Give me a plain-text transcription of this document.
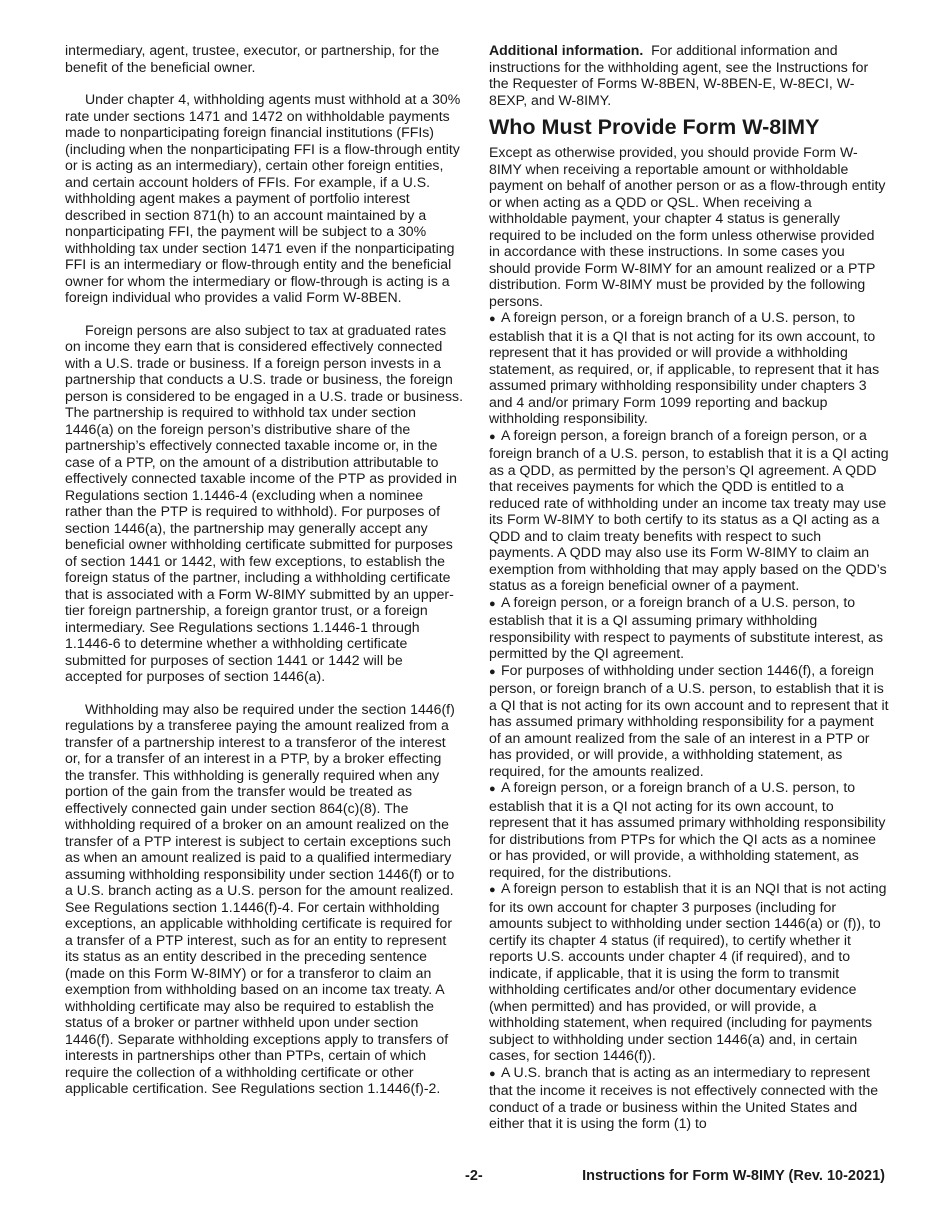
intermediary, agent, trustee, executor, or partnership, for the benefit of the beneficial owner.

Under chapter 4, withholding agents must withhold at a 30% rate under sections 1471 and 1472 on withholdable payments made to nonparticipating foreign financial institutions (FFIs) (including when the nonparticipating FFI is a flow-through entity or is acting as an intermediary), certain other foreign entities, and certain account holders of FFIs. For example, if a U.S. withholding agent makes a payment of portfolio interest described in section 871(h) to an account maintained by a nonparticipating FFI, the payment will be subject to a 30% withholding tax under section 1471 even if the nonparticipating FFI is an intermediary or flow-through entity and the beneficial owner for whom the intermediary or flow-through is acting is a foreign individual who provides a valid Form W-8BEN.

Foreign persons are also subject to tax at graduated rates on income they earn that is considered effectively connected with a U.S. trade or business. If a foreign person invests in a partnership that conducts a U.S. trade or business, the foreign person is considered to be engaged in a U.S. trade or business. The partnership is required to withhold tax under section 1446(a) on the foreign person’s distributive share of the partnership’s effectively connected taxable income or, in the case of a PTP, on the amount of a distribution attributable to effectively connected taxable income of the PTP as provided in Regulations section 1.1446-4 (excluding when a nominee rather than the PTP is required to withhold). For purposes of section 1446(a), the partnership may generally accept any beneficial owner withholding certificate submitted for purposes of section 1441 or 1442, with few exceptions, to establish the foreign status of the partner, including a withholding certificate that is associated with a Form W-8IMY submitted by an upper-tier foreign partnership, a foreign grantor trust, or a foreign intermediary. See Regulations sections 1.1446-1 through 1.1446-6 to determine whether a withholding certificate submitted for purposes of section 1441 or 1442 will be accepted for purposes of section 1446(a).

Withholding may also be required under the section 1446(f) regulations by a transferee paying the amount realized from a transfer of a partnership interest to a transferor of the interest or, for a transfer of an interest in a PTP, by a broker effecting the transfer. This withholding is generally required when any portion of the gain from the transfer would be treated as effectively connected gain under section 864(c)(8). The withholding required of a broker on an amount realized on the transfer of a PTP interest is subject to certain exceptions such as when an amount realized is paid to a qualified intermediary assuming withholding responsibility under section 1446(f) or to a U.S. branch acting as a U.S. person for the amount realized. See Regulations section 1.1446(f)-4. For certain withholding exceptions, an applicable withholding certificate is required for a transfer of a PTP interest, such as for an entity to represent its status as an entity described in the preceding sentence (made on this Form W-8IMY) or for a transferor to claim an exemption from withholding based on an income tax treaty. A withholding certificate may also be required to establish the status of a broker or partner withheld upon under section 1446(f). Separate withholding exceptions apply to transfers of interests in partnerships other than PTPs, certain of which require the collection of a withholding certificate or other applicable certification. See Regulations section 1.1446(f)-2.

Additional information. For additional information and instructions for the withholding agent, see the Instructions for the Requester of Forms W-8BEN, W-8BEN-E, W-8ECI, W-8EXP, and W-8IMY.

Who Must Provide Form W-8IMY

Except as otherwise provided, you should provide Form W-8IMY when receiving a reportable amount or withholdable payment on behalf of another person or as a flow-through entity or when acting as a QDD or QSL. When receiving a withholdable payment, your chapter 4 status is generally required to be included on the form unless otherwise provided in accordance with these instructions. In some cases you should provide Form W-8IMY for an amount realized or a PTP distribution. Form W-8IMY must be provided by the following persons.

● A foreign person, or a foreign branch of a U.S. person, to establish that it is a QI that is not acting for its own account, to represent that it has provided or will provide a withholding statement, as required, or, if applicable, to represent that it has assumed primary withholding responsibility under chapters 3 and 4 and/or primary Form 1099 reporting and backup withholding responsibility.
● A foreign person, a foreign branch of a foreign person, or a foreign branch of a U.S. person, to establish that it is a QI acting as a QDD, as permitted by the person’s QI agreement. A QDD that receives payments for which the QDD is entitled to a reduced rate of withholding under an income tax treaty may use its Form W-8IMY to both certify to its status as a QI acting as a QDD and to claim treaty benefits with respect to such payments. A QDD may also use its Form W-8IMY to claim an exemption from withholding that may apply based on the QDD’s status as a foreign beneficial owner of a payment.
● A foreign person, or a foreign branch of a U.S. person, to establish that it is a QI assuming primary withholding responsibility with respect to payments of substitute interest, as permitted by the QI agreement.
● For purposes of withholding under section 1446(f), a foreign person, or foreign branch of a U.S. person, to establish that it is a QI that is not acting for its own account and to represent that it has assumed primary withholding responsibility for a payment of an amount realized from the sale of an interest in a PTP or has provided, or will provide, a withholding statement, as required, for the amounts realized.
● A foreign person, or a foreign branch of a U.S. person, to establish that it is a QI not acting for its own account, to represent that it has assumed primary withholding responsibility for distributions from PTPs for which the QI acts as a nominee or has provided, or will provide, a withholding statement, as required, for the distributions.
● A foreign person to establish that it is an NQI that is not acting for its own account for chapter 3 purposes (including for amounts subject to withholding under section 1446(a) or (f)), to certify its chapter 4 status (if required), to certify whether it reports U.S. accounts under chapter 4 (if required), and to indicate, if applicable, that it is using the form to transmit withholding certificates and/or other documentary evidence (when permitted) and has provided, or will provide, a withholding statement, when required (including for payments subject to withholding under section 1446(a) and, in certain cases, for section 1446(f)).
● A U.S. branch that is acting as an intermediary to represent that the income it receives is not effectively connected with the conduct of a trade or business within the United States and either that it is using the form (1) to
-2-	Instructions for Form W-8IMY (Rev. 10-2021)
